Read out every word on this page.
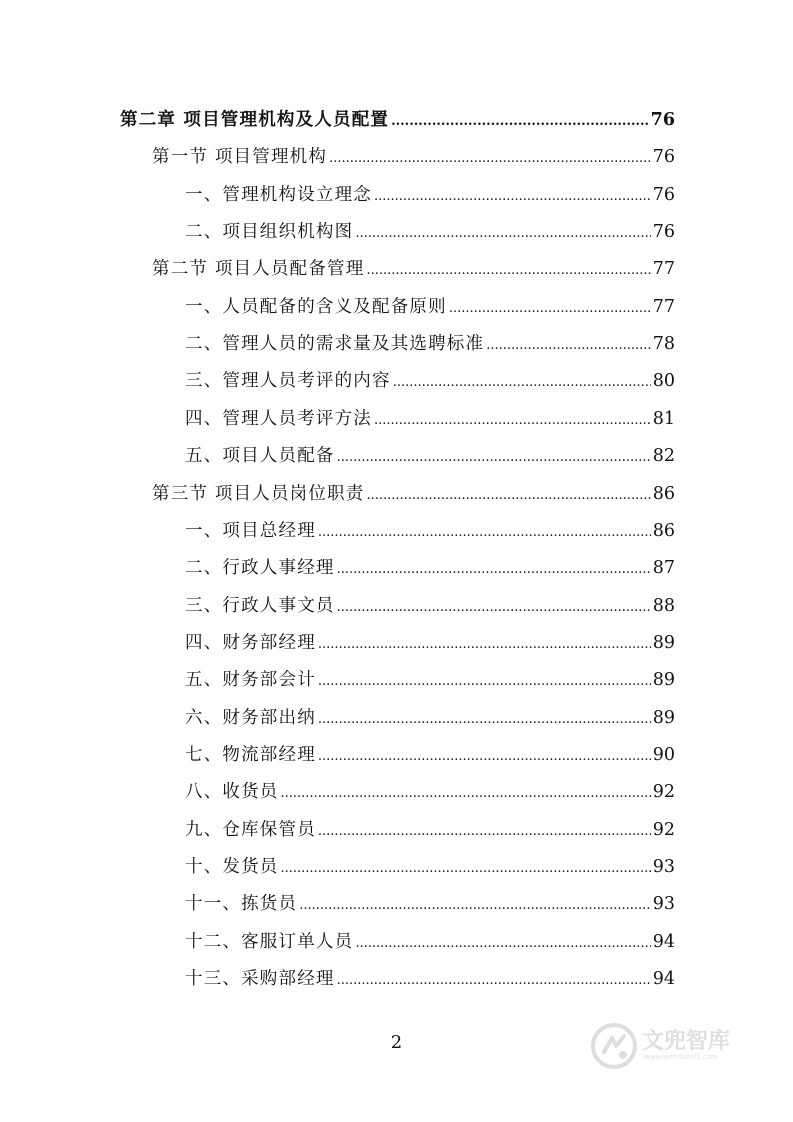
第二章 项目管理机构及人员配置 .....	76
第一节 项目管理机构 .....	76
一、管理机构设立理念 .....	76
二、项目组织机构图 .....	76
第二节 项目人员配备管理 .....	77
一、人员配备的含义及配备原则 .....	77
二、管理人员的需求量及其选聘标准 .....	78
三、管理人员考评的内容 .....	80
四、管理人员考评方法 .....	81
五、项目人员配备 .....	82
第三节 项目人员岗位职责 .....	86
一、项目总经理 .....	86
二、行政人事经理 .....	87
三、行政人事文员 .....	88
四、财务部经理 .....	89
五、财务部会计 .....	89
六、财务部出纳 .....	89
七、物流部经理 .....	90
八、收货员 .....	92
九、仓库保管员 .....	92
十、发货员 .....	93
十一、拣货员 .....	93
十二、客服订单人员 .....	94
十三、采购部经理 .....	94
2	文兜智库
www.wenduoliib.com
